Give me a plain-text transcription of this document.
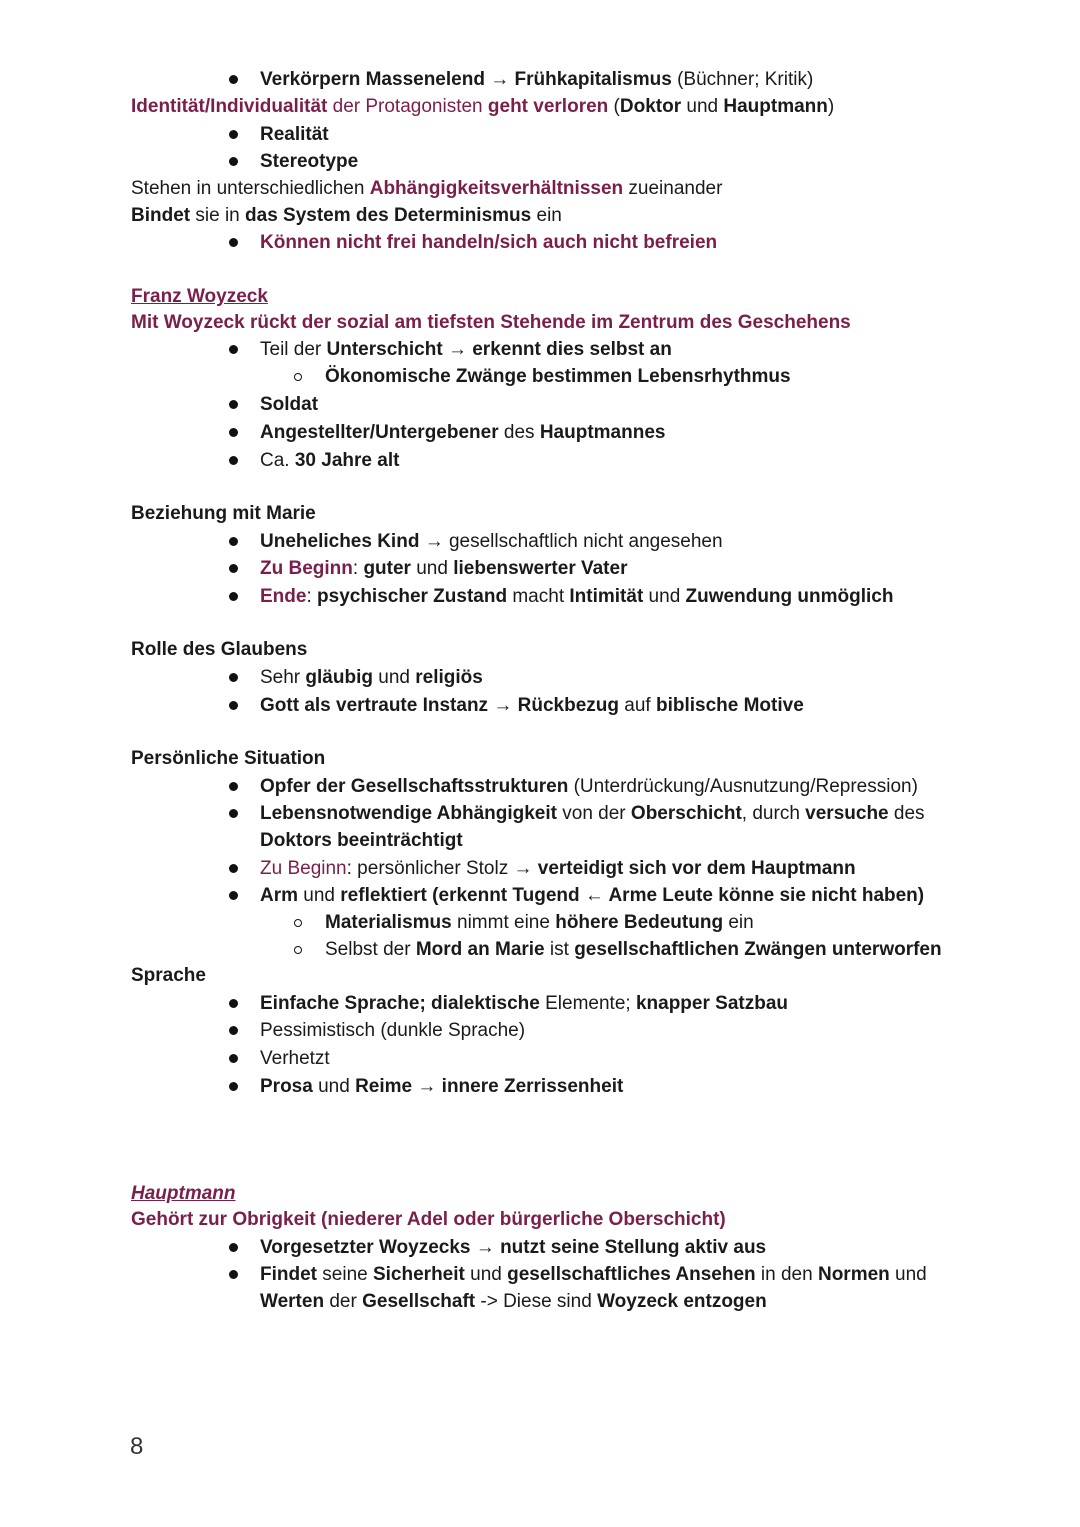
8
Verkörpern Massenelend → Frühkapitalismus (Büchner; Kritik)
Identität/Individualität der Protagonisten geht verloren (Doktor und Hauptmann)
Realität
Stereotype
Stehen in unterschiedlichen Abhängigkeitsverhältnissen zueinander
Bindet sie in das System des Determinismus ein
Können nicht frei handeln/sich auch nicht befreien
Franz Woyzeck
Mit Woyzeck rückt der sozial am tiefsten Stehende im Zentrum des Geschehens
Teil der Unterschicht → erkennt dies selbst an
Ökonomische Zwänge bestimmen Lebensrhythmus
Soldat
Angestellter/Untergebener des Hauptmannes
Ca. 30 Jahre alt
Beziehung mit Marie
Uneheliches Kind → gesellschaftlich nicht angesehen
Zu Beginn: guter und liebenswerter Vater
Ende: psychischer Zustand macht Intimität und Zuwendung unmöglich
Rolle des Glaubens
Sehr gläubig und religiös
Gott als vertraute Instanz → Rückbezug auf biblische Motive
Persönliche Situation
Opfer der Gesellschaftsstrukturen (Unterdrückung/Ausnutzung/Repression)
Lebensnotwendige Abhängigkeit von der Oberschicht, durch versuche des
Doktors beeinträchtigt
Zu Beginn: persönlicher Stolz → verteidigt sich vor dem Hauptmann
Arm und reflektiert (erkennt Tugend ← Arme Leute könne sie nicht haben)
Materialismus nimmt eine höhere Bedeutung ein
Selbst der Mord an Marie ist gesellschaftlichen Zwängen unterworfen
Sprache
Einfache Sprache; dialektische Elemente; knapper Satzbau
Pessimistisch (dunkle Sprache)
Verhetzt
Prosa und Reime → innere Zerrissenheit
Hauptmann
Gehört zur Obrigkeit (niederer Adel oder bürgerliche Oberschicht)
Vorgesetzter Woyzecks → nutzt seine Stellung aktiv aus
Findet seine Sicherheit und gesellschaftliches Ansehen in den Normen und
Werten der Gesellschaft -> Diese sind Woyzeck entzogen
